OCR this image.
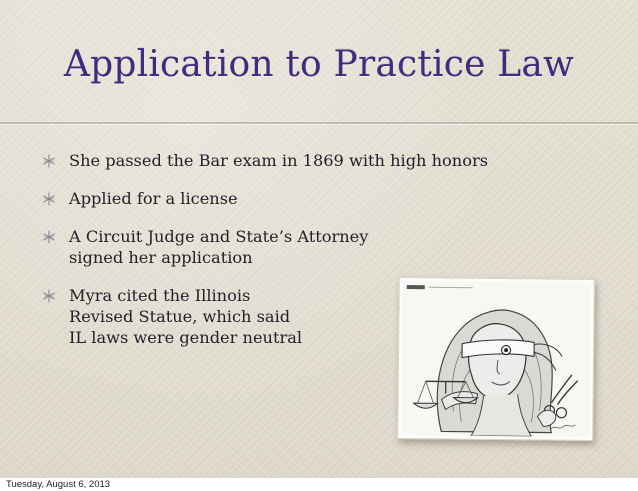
Application to Practice Law
She passed the Bar exam in 1869 with high honors
Applied for a license
A Circuit Judge and State’s Attorney
signed her application
Myra cited the Illinois
Revised Statue, which said
IL laws were gender neutral
Tuesday, August 6, 2013
